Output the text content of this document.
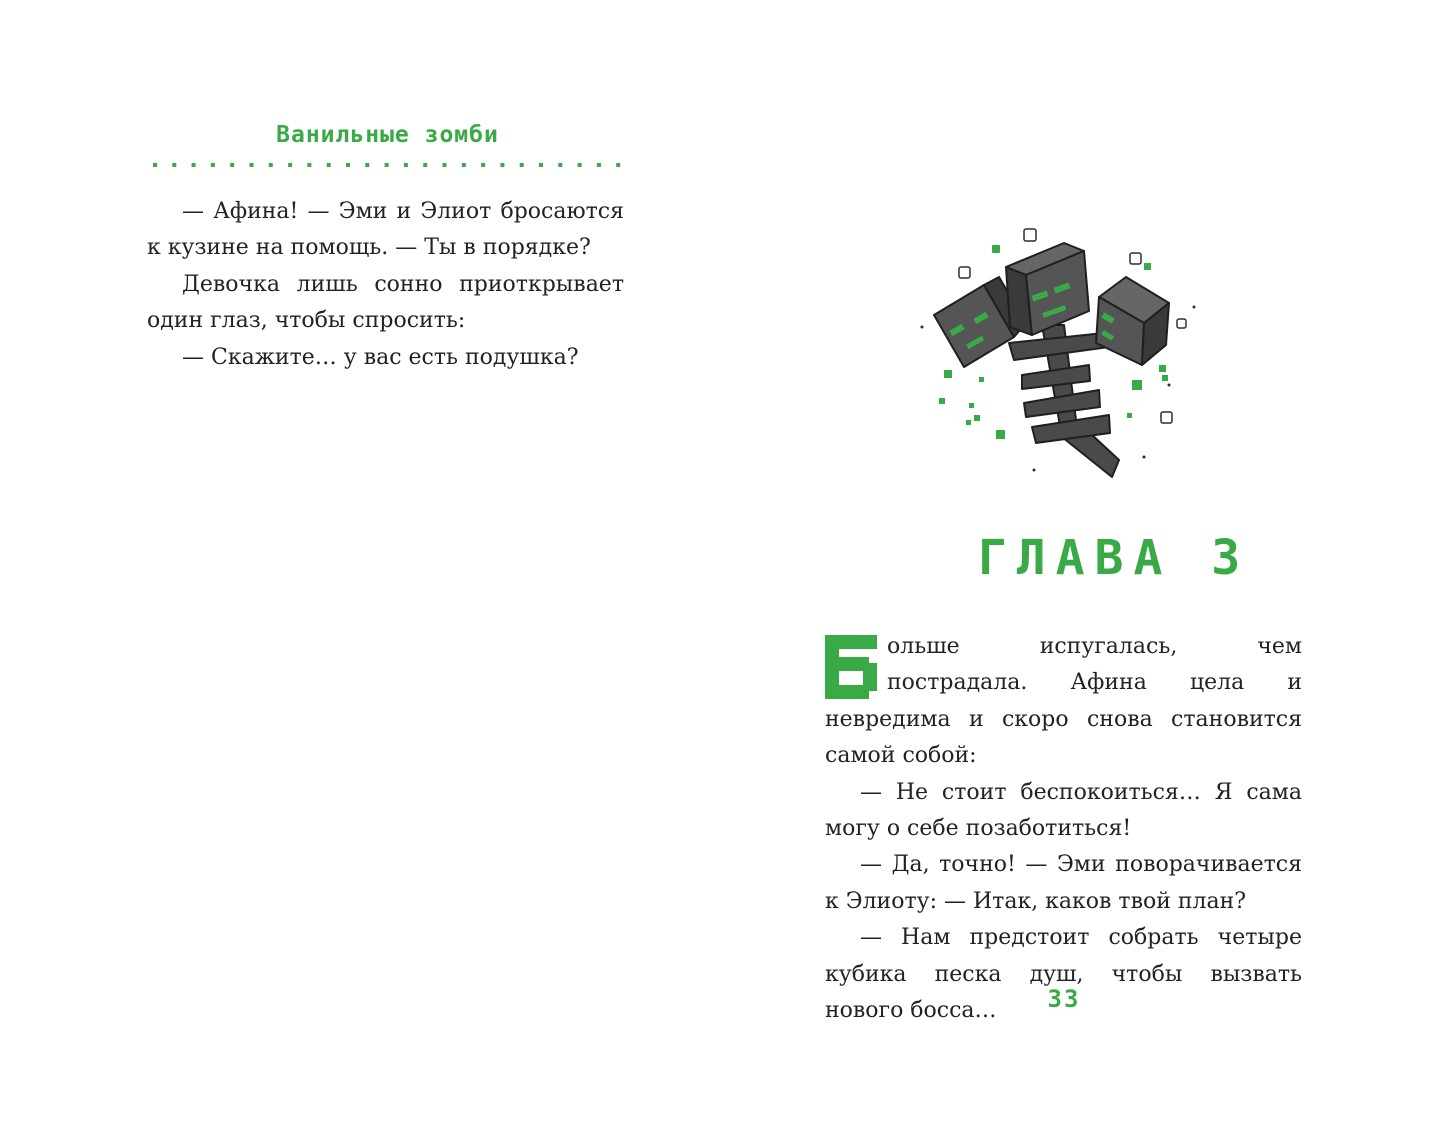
Ванильные зомби

— Афина! — Эми и Элиот бросаются к кузине на помощь. — Ты в порядке?

Девочка лишь сонно приоткрывает один глаз, чтобы спросить:

— Скажите… у вас есть подушка?

ГЛАВА 3

ольше испугалась, чем пострадала. Афина цела и невредима и скоро снова становится самой собой:

— Не стоит беспокоиться… Я сама могу о себе позаботиться!

— Да, точно! — Эми поворачивается к Элиоту: — Итак, каков твой план?

— Нам предстоит собрать четыре кубика песка душ, чтобы вызвать нового босса…	33
